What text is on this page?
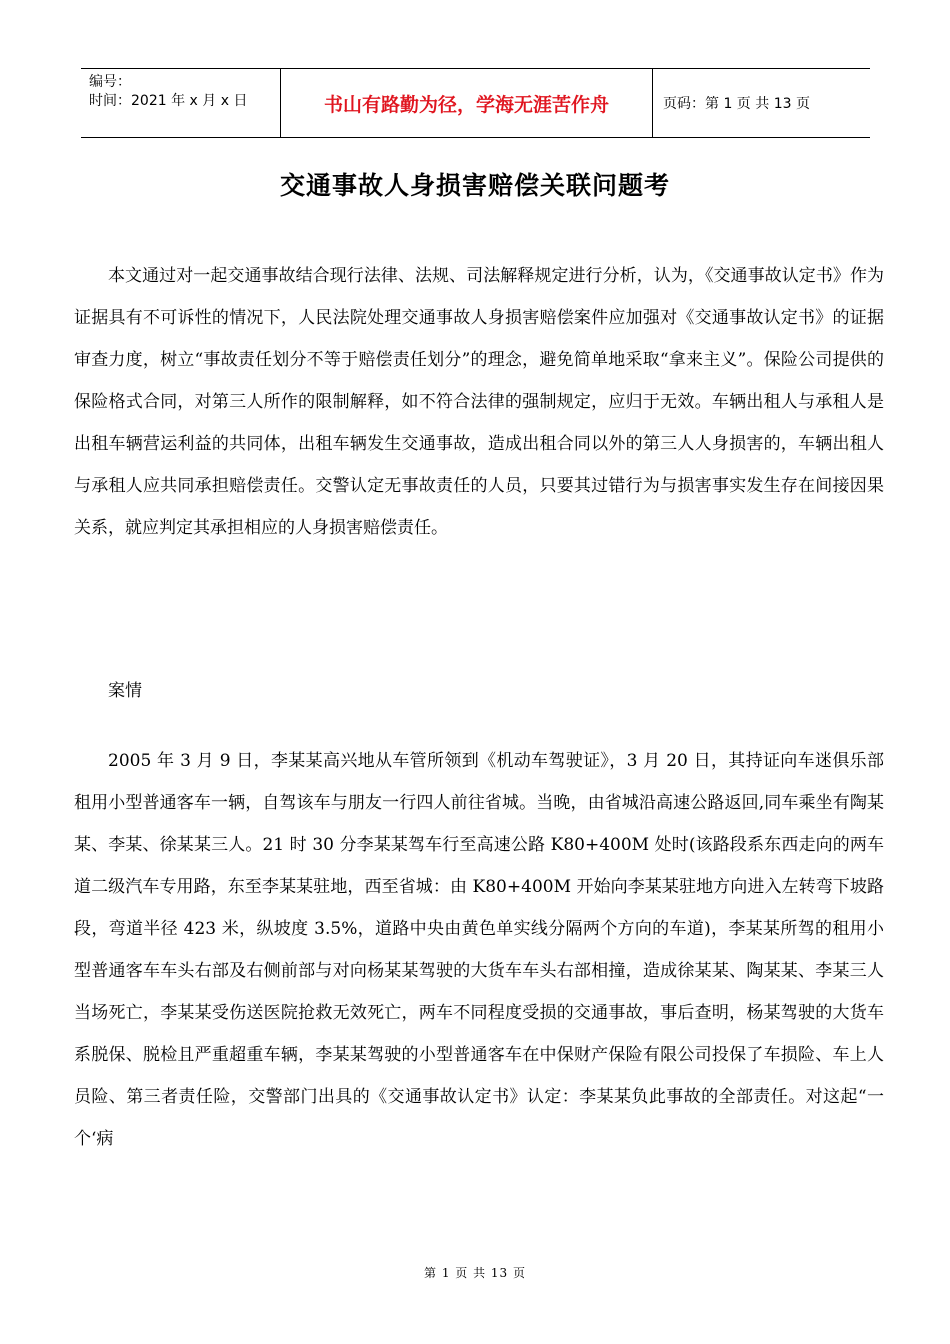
编号：
时间：2021 年 x 月 x 日	书山有路勤为径，学海无涯苦作舟	页码：第 1 页 共 13 页
交通事故人身损害赔偿关联问题考

本文通过对一起交通事故结合现行法律、法规、司法解释规定进行分析，认为，《交通事故认定书》作为证据具有不可诉性的情况下，人民法院处理交通事故人身损害赔偿案件应加强对《交通事故认定书》的证据审查力度，树立“事故责任划分不等于赔偿责任划分”的理念，避免简单地采取“拿来主义”。保险公司提供的保险格式合同，对第三人所作的限制解释，如不符合法律的强制规定，应归于无效。车辆出租人与承租人是出租车辆营运利益的共同体，出租车辆发生交通事故，造成出租合同以外的第三人人身损害的，车辆出租人与承租人应共同承担赔偿责任。交警认定无事故责任的人员，只要其过错行为与损害事实发生存在间接因果关系，就应判定其承担相应的人身损害赔偿责任。

案情

2005 年 3 月 9 日，李某某高兴地从车管所领到《机动车驾驶证》，3 月 20 日，其持证向车迷俱乐部租用小型普通客车一辆，自驾该车与朋友一行四人前往省城。当晚，由省城沿高速公路返回,同车乘坐有陶某某、李某、徐某某三人。21 时 30 分李某某驾车行至高速公路 K80+400M 处时(该路段系东西走向的两车道二级汽车专用路，东至李某某驻地，西至省城：由 K80+400M 开始向李某某驻地方向进入左转弯下坡路段，弯道半径 423 米，纵坡度 3.5%，道路中央由黄色单实线分隔两个方向的车道)，李某某所驾的租用小型普通客车车头右部及右侧前部与对向杨某某驾驶的大货车车头右部相撞，造成徐某某、陶某某、李某三人当场死亡，李某某受伤送医院抢救无效死亡，两车不同程度受损的交通事故，事后查明，杨某驾驶的大货车系脱保、脱检且严重超重车辆，李某某驾驶的小型普通客车在中保财产保险有限公司投保了车损险、车上人员险、第三者责任险，交警部门出具的《交通事故认定书》认定：李某某负此事故的全部责任。对这起“一个‘病

第 1 页 共 13 页
